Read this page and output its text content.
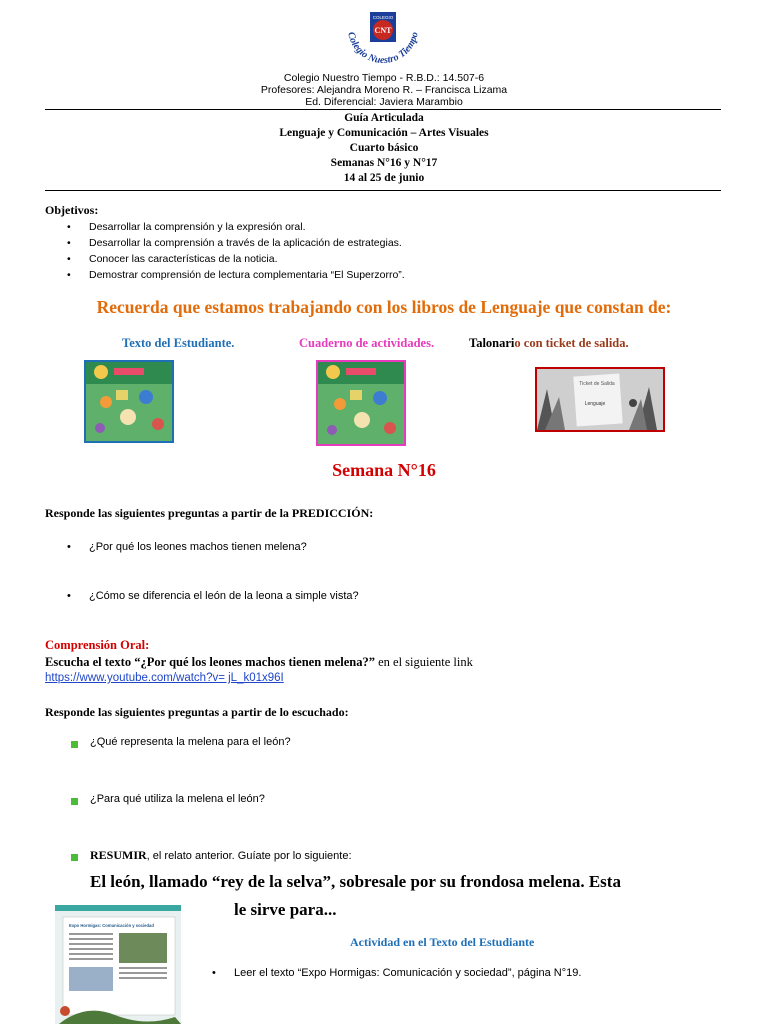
COLEGIO
CNT
Colegio Nuestro Tiempo
Colegio Nuestro Tiempo - R.B.D.: 14.507-6
Profesores: Alejandra Moreno R. – Francisca Lizama
Ed. Diferencial: Javiera Marambio
Guía Articulada
Lenguaje y Comunicación – Artes Visuales
Cuarto básico
Semanas N°16 y N°17
14 al 25 de junio
Objetivos:
• Desarrollar la comprensión y la expresión oral.
• Desarrollar la comprensión a través de la aplicación de estrategias.
• Conocer las características de la noticia.
• Demostrar comprensión de lectura complementaria “El Superzorro”.
Recuerda que estamos trabajando con los libros de Lenguaje que constan de:
Texto del Estudiante.	Cuaderno de actividades.	Talonario con ticket de salida.
Ticket de Salida
Lenguaje
Semana N°16
Responde las siguientes preguntas a partir de la PREDICCIÓN:
• ¿Por qué los leones machos tienen melena?
• ¿Cómo se diferencia el león de la leona a simple vista?
Comprensión Oral:
Escucha el texto “¿Por qué los leones machos tienen melena?” en el siguiente link
https://www.youtube.com/watch?v= jL_k01x96I
Responde las siguientes preguntas a partir de lo escuchado:
¿Qué representa la melena para el león?
¿Para qué utiliza la melena el león?
RESUMIR, el relato anterior. Guíate por lo siguiente:
El león, llamado “rey de la selva”, sobresale por su frondosa melena. Esta
le sirve para...
Expo Hormigas: Comunicación y sociedad
Actividad en el Texto del Estudiante
• Leer el texto “Expo Hormigas: Comunicación y sociedad”, página N°19.
